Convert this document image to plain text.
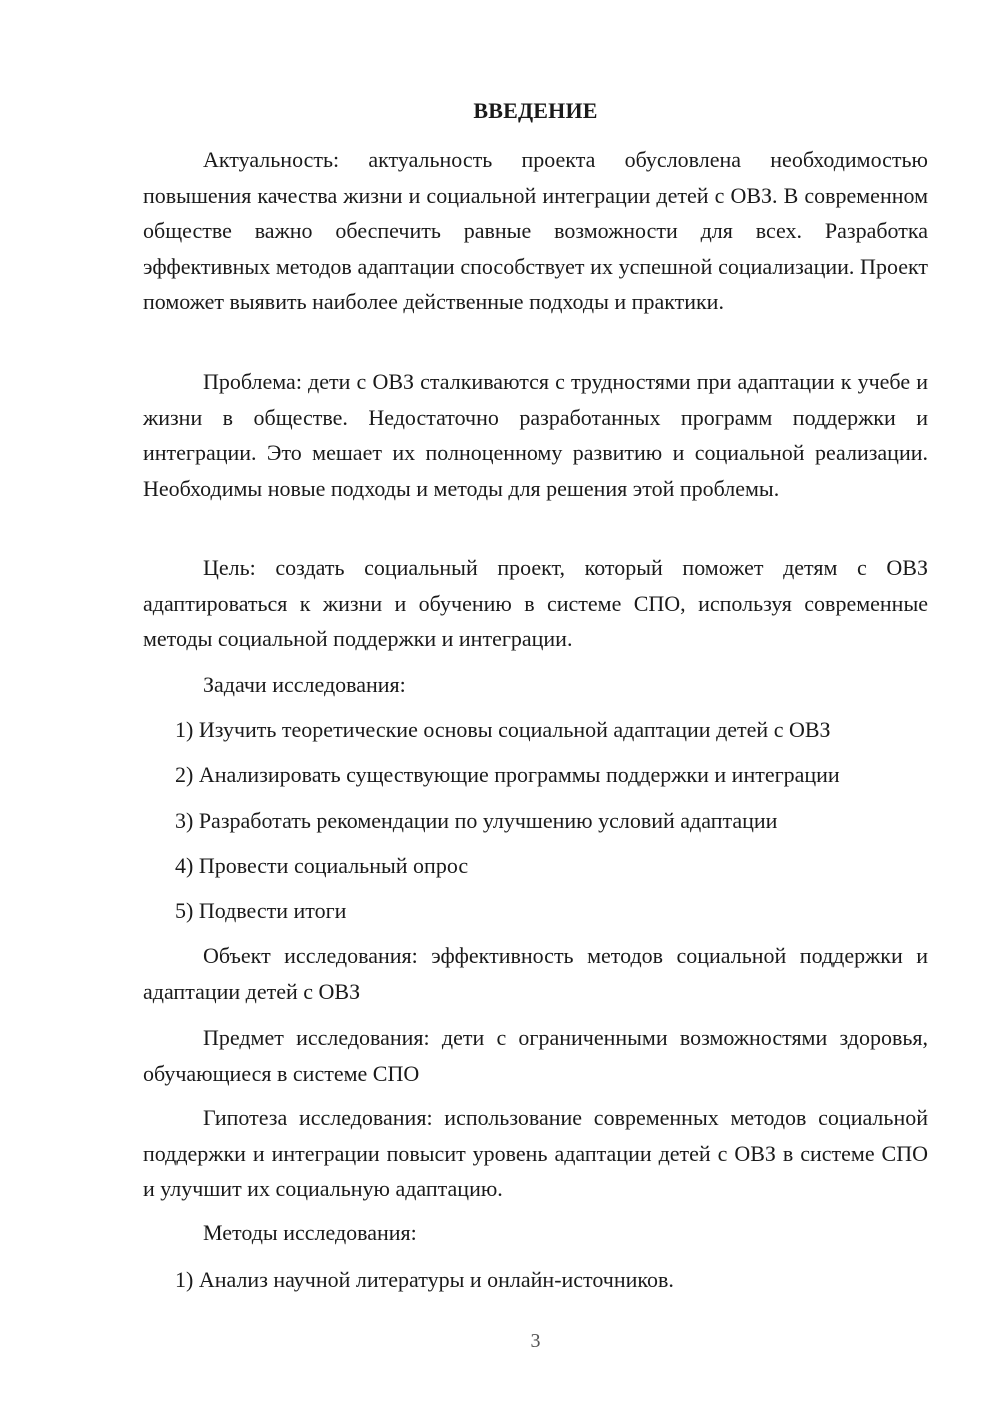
ВВЕДЕНИЕ

Актуальность: актуальность проекта обусловлена необходимостью повышения качества жизни и социальной интеграции детей с ОВЗ. В современном обществе важно обеспечить равные возможности для всех. Разработка эффективных методов адаптации способствует их успешной социализации. Проект поможет выявить наиболее действенные подходы и практики.

Проблема: дети с ОВЗ сталкиваются с трудностями при адаптации к учебе и жизни в обществе. Недостаточно разработанных программ поддержки и интеграции. Это мешает их полноценному развитию и социальной реализации. Необходимы новые подходы и методы для решения этой проблемы.

Цель: создать социальный проект, который поможет детям с ОВЗ адаптироваться к жизни и обучению в системе СПО, используя современные методы социальной поддержки и интеграции.

Задачи исследования:

1) Изучить теоретические основы социальной адаптации детей с ОВЗ

2) Анализировать существующие программы поддержки и интеграции

3) Разработать рекомендации по улучшению условий адаптации

4) Провести социальный опрос

5) Подвести итоги

Объект исследования: эффективность методов социальной поддержки и адаптации детей с ОВЗ

Предмет исследования: дети с ограниченными возможностями здоровья, обучающиеся в системе СПО

Гипотеза исследования: использование современных методов социальной поддержки и интеграции повысит уровень адаптации детей с ОВЗ в системе СПО и улучшит их социальную адаптацию.

Методы исследования:

1) Анализ научной литературы и онлайн-источников.

3
